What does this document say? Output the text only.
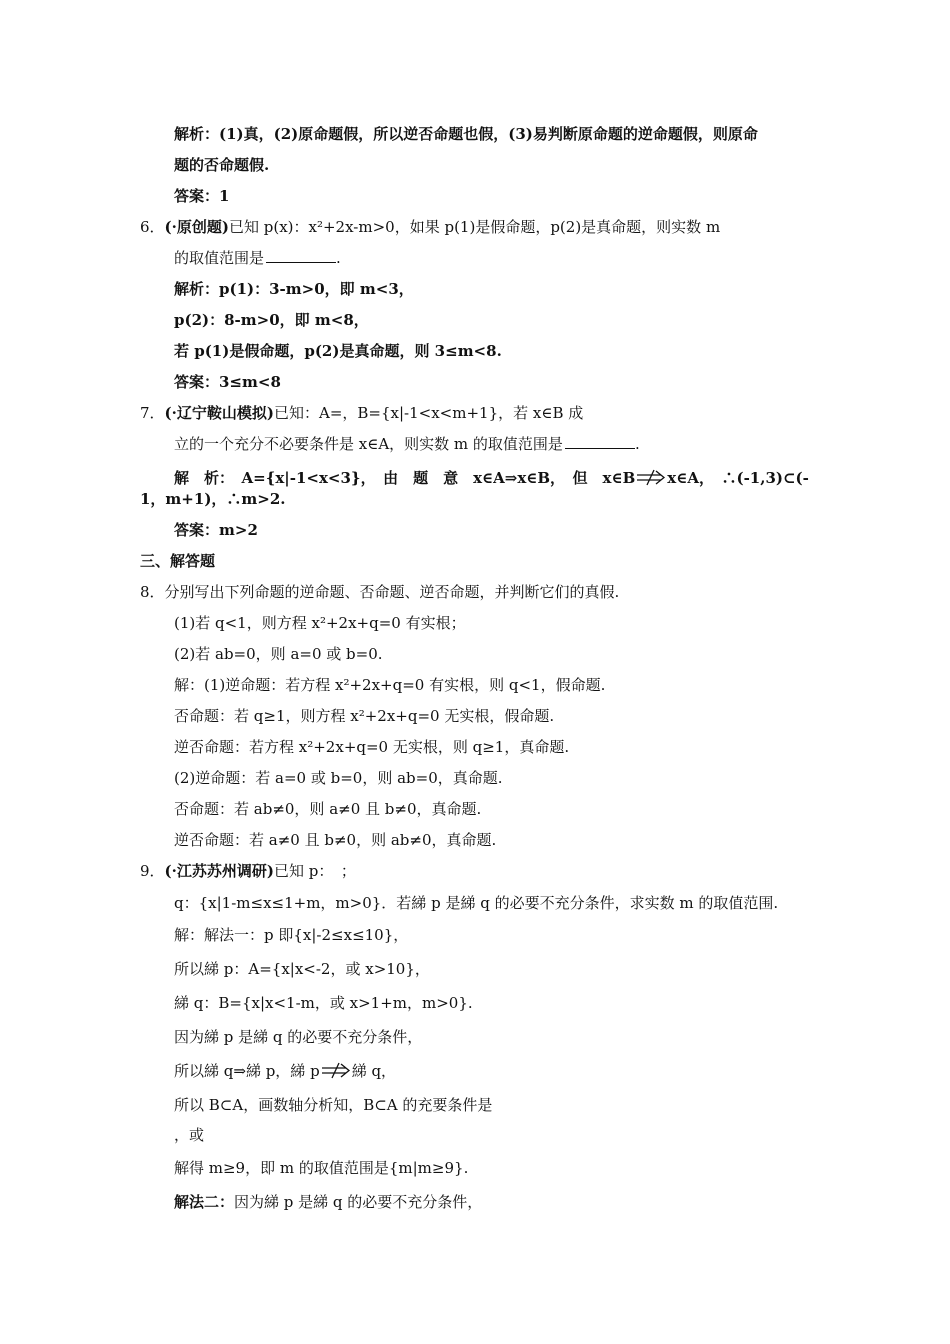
解析：(1)真，(2)原命题假，所以逆否命题也假，(3)易判断原命题的逆命题假，则原命
题的否命题假.
答案：1
6．(·原创题)已知 p(x)：x²+2x-m>0，如果 p(1)是假命题，p(2)是真命题，则实数 m
的取值范围是	.
解析：p(1)：3-m>0，即 m<3，
p(2)：8-m>0，即 m<8，
若 p(1)是假命题，p(2)是真命题，则 3≤m<8.
答案：3≤m<8
7．(·辽宁鞍山模拟)已知：A=，B={x|-1<x<m+1}，若 x∈B 成
立的一个充分不必要条件是 x∈A，则实数 m 的取值范围是	.
解　析：　A={x|-1<x<3}，　由　题　意　x∈A⇒x∈B，　但　x∈B x∈A，　∴(-1,3)⊂(-
1，m+1)，∴m>2.
答案：m>2
三、解答题
8．分别写出下列命题的逆命题、否命题、逆否命题，并判断它们的真假.
(1)若 q<1，则方程 x²+2x+q=0 有实根；
(2)若 ab=0，则 a=0 或 b=0.
解：(1)逆命题：若方程 x²+2x+q=0 有实根，则 q<1，假命题.
否命题：若 q≥1，则方程 x²+2x+q=0 无实根，假命题.
逆否命题：若方程 x²+2x+q=0 无实根，则 q≥1，真命题.
(2)逆命题：若 a=0 或 b=0，则 ab=0，真命题.
否命题：若 ab≠0，则 a≠0 且 b≠0，真命题.
逆否命题：若 a≠0 且 b≠0，则 ab≠0，真命题.
9．(·江苏苏州调研)已知 p：　；
q：{x|1-m≤x≤1+m，m>0}．若綈 p 是綈 q 的必要不充分条件，求实数 m 的取值范围.
解：解法一：p 即{x|-2≤x≤10}，
所以綈 p：A={x|x<-2，或 x>10}，
綈 q：B={x|x<1-m，或 x>1+m，m>0}.
因为綈 p 是綈 q 的必要不充分条件，
所以綈 q⇒綈 p，綈 p 綈 q，
所以 B⊂A，画数轴分析知，B⊂A 的充要条件是
，或
解得 m≥9，即 m 的取值范围是{m|m≥9}.
解法二：因为綈 p 是綈 q 的必要不充分条件，
